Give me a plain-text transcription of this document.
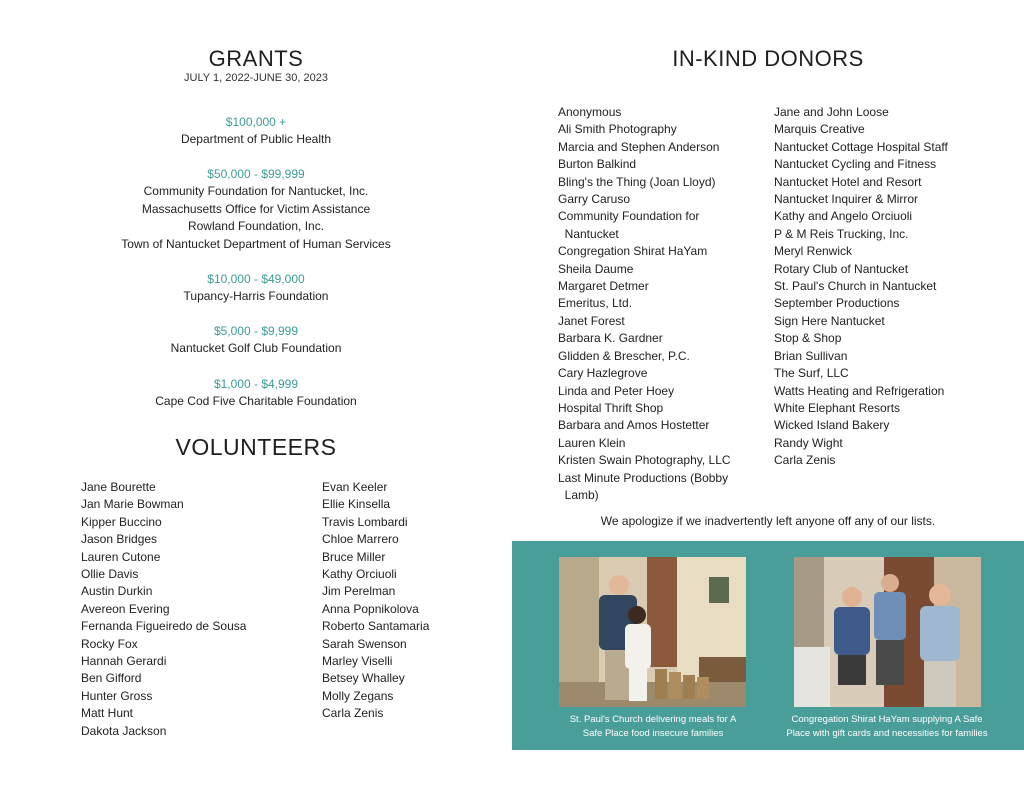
GRANTS
JULY 1, 2022-JUNE 30, 2023
$100,000 +
Department of Public Health
$50,000 - $99,999
Community Foundation for Nantucket, Inc.
Massachusetts Office for Victim Assistance
Rowland Foundation, Inc.
Town of Nantucket Department of Human Services
$10,000 - $49,000
Tupancy-Harris Foundation
$5,000 - $9,999
Nantucket Golf Club Foundation
$1,000 - $4,999
Cape Cod Five Charitable Foundation
VOLUNTEERS
Jane Bourette
Jan Marie Bowman
Kipper Buccino
Jason Bridges
Lauren Cutone
Ollie Davis
Austin Durkin
Avereon Evering
Fernanda Figueiredo de Sousa
Rocky Fox
Hannah Gerardi
Ben Gifford
Hunter Gross
Matt Hunt
Dakota Jackson
Evan Keeler
Ellie Kinsella
Travis Lombardi
Chloe Marrero
Bruce Miller
Kathy Orciuoli
Jim Perelman
Anna Popnikolova
Roberto Santamaria
Sarah Swenson
Marley Viselli
Betsey Whalley
Molly Zegans
Carla Zenis
IN-KIND DONORS
Anonymous
Ali Smith Photography
Marcia and Stephen Anderson
Burton Balkind
Bling's the Thing (Joan Lloyd)
Garry Caruso
Community Foundation for
Nantucket
Congregation Shirat HaYam
Sheila Daume
Margaret Detmer
Emeritus, Ltd.
Janet Forest
Barbara K. Gardner
Glidden & Brescher, P.C.
Cary Hazlegrove
Linda and Peter Hoey
Hospital Thrift Shop
Barbara and Amos Hostetter
Lauren Klein
Kristen Swain Photography, LLC
Last Minute Productions (Bobby
Lamb)
Jane and John Loose
Marquis Creative
Nantucket Cottage Hospital Staff
Nantucket Cycling and Fitness
Nantucket Hotel and Resort
Nantucket Inquirer & Mirror
Kathy and Angelo Orciuoli
P & M Reis Trucking, Inc.
Meryl Renwick
Rotary Club of Nantucket
St. Paul's Church in Nantucket
September Productions
Sign Here Nantucket
Stop & Shop
Brian Sullivan
The Surf, LLC
Watts Heating and Refrigeration
White Elephant Resorts
Wicked Island Bakery
Randy Wight
Carla Zenis
We apologize if we inadvertently left anyone off any of our lists.
St. Paul's Church delivering meals for A
Safe Place food insecure families
Congregation Shirat HaYam supplying A Safe
Place with gift cards and necessities for families
